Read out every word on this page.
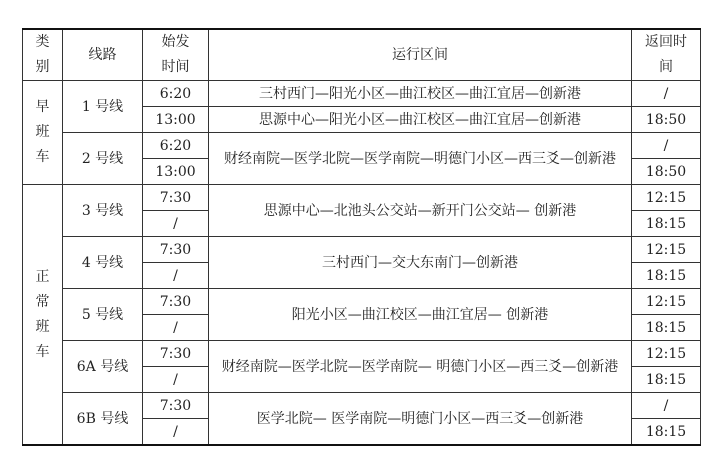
类别	线路	始发时间	运行区间	返回时间
早班车	1 号线	6:20	三村西门—阳光小区—曲江校区—曲江宜居—创新港	/
		13:00	思源中心—阳光小区—曲江校区—曲江宜居—创新港	18:50
	2 号线	6:20	财经南院—医学北院—医学南院—明德门小区—西三爻—创新港	/
		13:00		18:50
正常班车	3 号线	7:30	思源中心—北池头公交站—新开门公交站— 创新港	12:15
		/		18:15
	4 号线	7:30	三村西门—交大东南门—创新港	12:15
		/		18:15
	5 号线	7:30	阳光小区—曲江校区—曲江宜居— 创新港	12:15
		/		18:15
	6A 号线	7:30	财经南院—医学北院—医学南院— 明德门小区—西三爻—创新港	12:15
		/		18:15
	6B 号线	7:30	医学北院— 医学南院—明德门小区—西三爻—创新港	/
		/		18:15
